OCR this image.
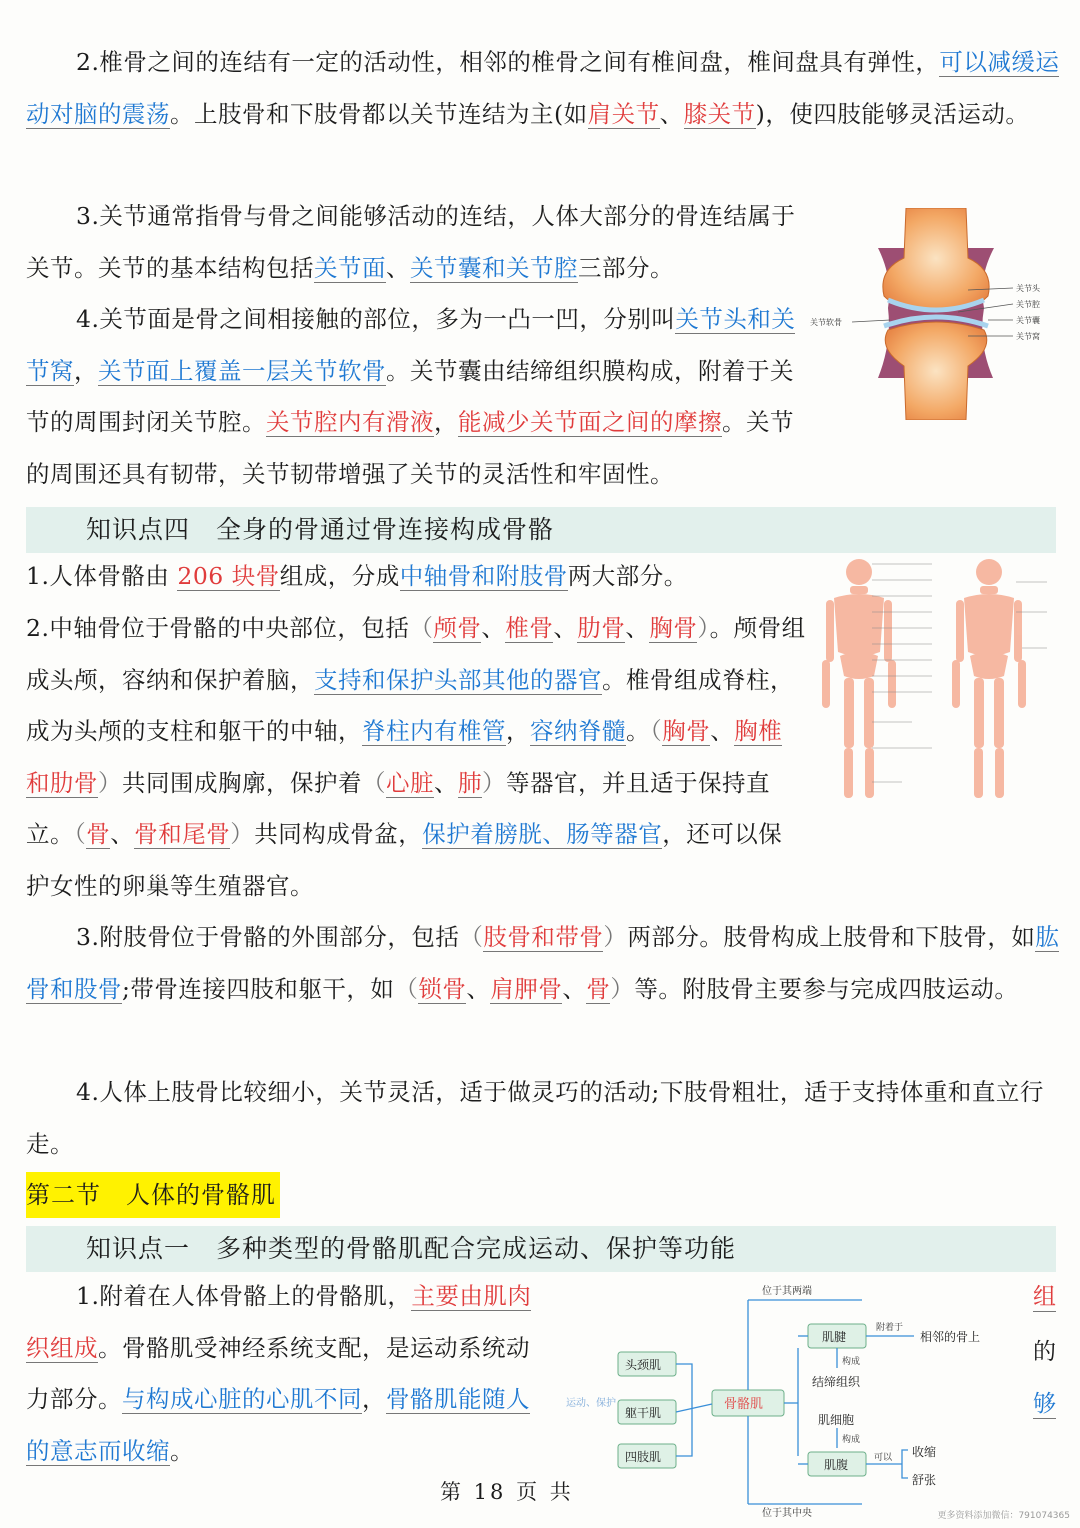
2.椎骨之间的连结有一定的活动性，相邻的椎骨之间有椎间盘，椎间盘具有弹性，可以减缓运动对脑的震荡。上肢骨和下肢骨都以关节连结为主(如肩关节、膝关节)，使四肢能够灵活运动。
3.关节通常指骨与骨之间能够活动的连结，人体大部分的骨连结属于关节。关节的基本结构包括关节面、关节囊和关节腔三部分。
4.关节面是骨之间相接触的部位，多为一凸一凹，分别叫关节头和关节窝，关节面上覆盖一层关节软骨。关节囊由结缔组织膜构成，附着于关节的周围封闭关节腔。关节腔内有滑液，能减少关节面之间的摩擦。关节的周围还具有韧带，关节韧带增强了关节的灵活性和牢固性。
关节软骨
关节头
关节腔
关节囊
关节窝
知识点四　全身的骨通过骨连接构成骨骼
1.人体骨骼由 206 块骨组成，分成中轴骨和附肢骨两大部分。
2.中轴骨位于骨骼的中央部位，包括（颅骨、椎骨、肋骨、胸骨）。颅骨组成头颅，容纳和保护着脑，支持和保护头部其他的器官。椎骨组成脊柱，成为头颅的支柱和躯干的中轴，脊柱内有椎管，容纳脊髓。（胸骨、胸椎和肋骨）共同围成胸廓，保护着（心脏、肺）等器官，并且适于保持直立。（骨、骨和尾骨）共同构成骨盆，保护着膀胱、肠等器官，还可以保护女性的卵巢等生殖器官。
3.附肢骨位于骨骼的外围部分，包括（肢骨和带骨）两部分。肢骨构成上肢骨和下肢骨，如肱骨和股骨;带骨连接四肢和躯干，如（锁骨、肩胛骨、骨）等。附肢骨主要参与完成四肢运动。
4.人体上肢骨比较细小，关节灵活，适于做灵巧的活动;下肢骨粗壮，适于支持体重和直立行走。
第二节　人体的骨骼肌
知识点一　多种类型的骨骼肌配合完成运动、保护等功能
1.附着在人体骨骼上的骨骼肌，主要由肌肉织组成。骨骼肌受神经系统支配，是运动系统动力部分。与构成心脏的心肌不同，骨骼肌能随人的意志而收缩。
组
的
够
位于其两端
位于其中央
运动、保护
头颈肌
躯干肌
四肢肌
骨骼肌
肌腱
附着于
相邻的骨上
构成
结缔组织
肌细胞
构成
肌腹	可以 收缩
舒张
第 18 页 共
更多资料添加微信：791074365
